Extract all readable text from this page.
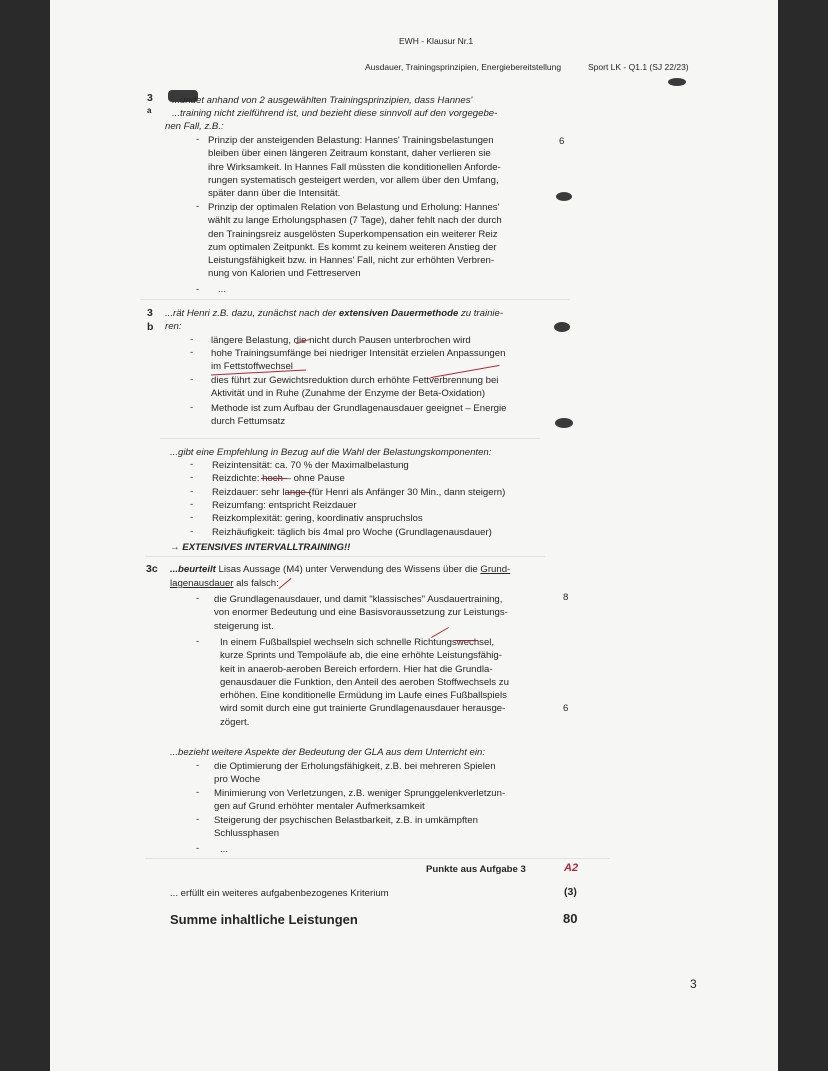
EWH - Klausur Nr.1
Ausdauer, Trainingsprinzipien, Energiebereitstellung	Sport LK - Q1.1 (SJ 22/23)
3
a
...ündet anhand von 2 ausgewählten Trainingsprinzipien, dass Hannes'
...training nicht zielführend ist, und bezieht diese sinnvoll auf den vorgegebe-
nen Fall, z.B.:
- Prinzip der ansteigenden Belastung: Hannes' Trainingsbelastungen
bleiben über einen längeren Zeitraum konstant, daher verlieren sie
ihre Wirksamkeit. In Hannes Fall müssten die konditionellen Anforde-
rungen systematisch gesteigert werden, vor allem über den Umfang,
später dann über die Intensität.
- Prinzip der optimalen Relation von Belastung und Erholung: Hannes'
wählt zu lange Erholungsphasen (7 Tage), daher fehlt nach der durch
den Trainingsreiz ausgelösten Superkompensation ein weiterer Reiz
zum optimalen Zeitpunkt. Es kommt zu keinem weiteren Anstieg der
Leistungsfähigkeit bzw. in Hannes' Fall, nicht zur erhöhten Verbren-
nung von Kalorien und Fettreserven
- ...
6
3
b
...rät Henri z.B. dazu, zunächst nach der extensiven Dauermethode zu trainie-
ren:
- längere Belastung, die nicht durch Pausen unterbrochen wird
- hohe Trainingsumfänge bei niedriger Intensität erzielen Anpassungen
im Fettstoffwechsel
- dies führt zur Gewichtsreduktion durch erhöhte Fettverbrennung bei
Aktivität und in Ruhe (Zunahme der Enzyme der Beta-Oxidation)
- Methode ist zum Aufbau der Grundlagenausdauer geeignet – Energie
durch Fettumsatz
...gibt eine Empfehlung in Bezug auf die Wahl der Belastungskomponenten:
- Reizintensität: ca. 70 % der Maximalbelastung
- Reizdichte: hoch – ohne Pause
- Reizdauer: sehr lange (für Henri als Anfänger 30 Min., dann steigern)
- Reizumfang: entspricht Reizdauer
- Reizkomplexität: gering, koordinativ anspruchslos
- Reizhäufigkeit: täglich bis 4mal pro Woche (Grundlagenausdauer)
→ EXTENSIVES INTERVALLTRAINING!!
3c ...beurteilt Lisas Aussage (M4) unter Verwendung des Wissens über die Grund-
lagenausdauer als falsch:
- die Grundlagenausdauer, und damit "klassisches" Ausdauertraining,
von enormer Bedeutung und eine Basisvoraussetzung zur Leistungs-
steigerung ist.
8
- In einem Fußballspiel wechseln sich schnelle Richtungswechsel,
kurze Sprints und Tempoläufe ab, die eine erhöhte Leistungsfähig-
keit in anaerob-aeroben Bereich erfordern. Hier hat die Grundla-
genausdauer die Funktion, den Anteil des aeroben Stoffwechsels zu
erhöhen. Eine konditionelle Ermüdung im Laufe eines Fußballspiels
wird somit durch eine gut trainierte Grundlagenausdauer herausge-
zögert.
6
...bezieht weitere Aspekte der Bedeutung der GLA aus dem Unterricht ein:
- die Optimierung der Erholungsfähigkeit, z.B. bei mehreren Spielen
pro Woche
- Minimierung von Verletzungen, z.B. weniger Sprunggelenkverletzun-
gen auf Grund erhöhter mentaler Aufmerksamkeit
- Steigerung der psychischen Belastbarkeit, z.B. in umkämpften
Schlussphasen
- ...
Punkte aus Aufgabe 3	A2
... erfüllt ein weiteres aufgabenbezogenes Kriterium	(3)
Summe inhaltliche Leistungen	80
3
